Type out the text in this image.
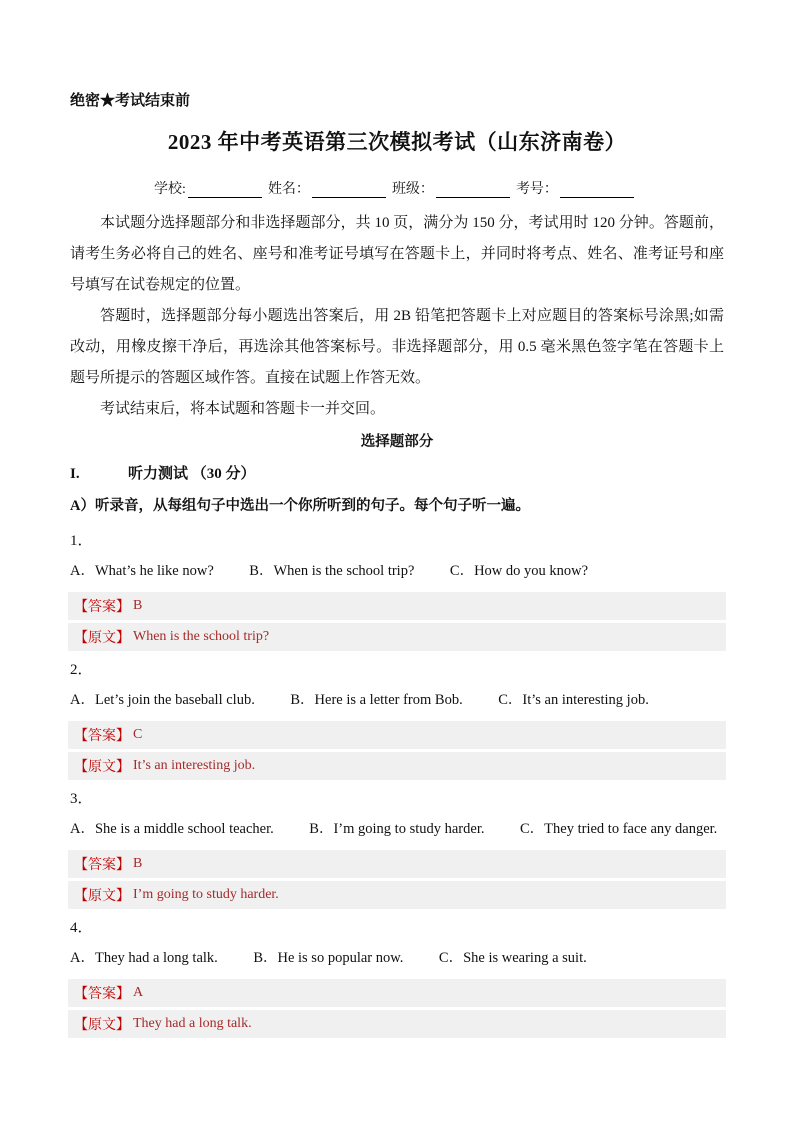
绝密★考试结束前
2023 年中考英语第三次模拟考试（山东济南卷）
学校:	姓名：	班级：	考号：

本试题分选择题部分和非选择题部分，共 10 页，满分为 150 分，考试用时 120 分钟。答题前，请考生务必将自己的姓名、座号和准考证号填写在答题卡上，并同时将考点、姓名、准考证号和座号填写在试卷规定的位置。

答题时，选择题部分每小题选出答案后，用 2B 铅笔把答题卡上对应题目的答案标号涂黑;如需改动，用橡皮擦干净后，再选涂其他答案标号。非选择题部分，用 0.5 毫米黑色签字笔在答题卡上题号所提示的答题区域作答。直接在试题上作答无效。

考试结束后，将本试题和答题卡一并交回。

选择题部分
I.	听力测试 （30 分）
A）听录音，从每组句子中选出一个你所听到的句子。每个句子听一遍。
1．
A．What’s he like now? B．When is the school trip? C．How do you know?
【答案】 B
【原文】 When is the school trip?
2．
A．Let’s join the baseball club. B．Here is a letter from Bob. C．It’s an interesting job.
【答案】 C
【原文】 It’s an interesting job.
3．
A．She is a middle school teacher. B．I’m going to study harder. C．They tried to face any danger.
【答案】 B
【原文】 I’m going to study harder.
4．
A．They had a long talk. B．He is so popular now. C．She is wearing a suit.
【答案】 A
【原文】 They had a long talk.
